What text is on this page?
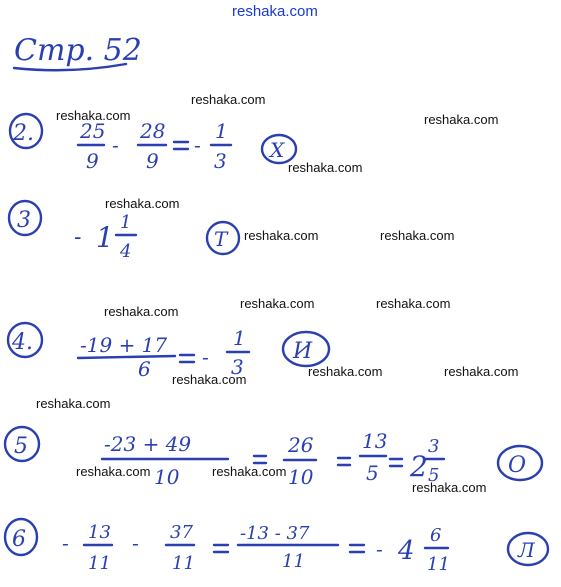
Стр. 52
2. 25
9
-
28
9
-
1
3 Х
3
- 1 1
4
Т
4. -19 + 17
6	-
1
3
И
5	-23 + 49
10
26
10
13
5 2
3
5	О
6 - 13
11
- 37
11
-13 - 37
11
- 4
6
11
Л
reshaka.com
reshaka.com
reshaka.com	reshaka.com
reshaka.com
reshaka.com
reshaka.com	reshaka.com
reshaka.com	reshaka.com
reshaka.com
reshaka.com	reshaka.com
reshaka.com
reshaka.com
reshaka.com	reshaka.com
reshaka.com
